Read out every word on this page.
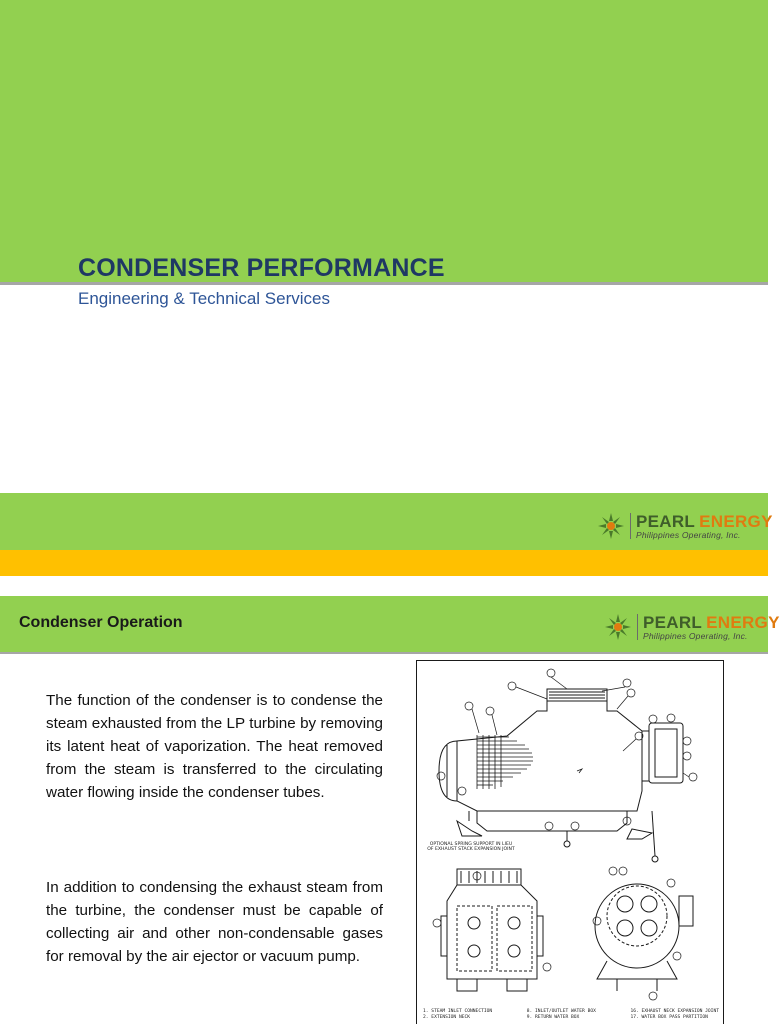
CONDENSER PERFORMANCE
Engineering & Technical Services
PEARL ENERGY
Philippines Operating, Inc.
Condenser Operation	PEARL ENERGY
Philippines Operating, Inc.

The function of the condenser is to condense the steam exhausted from the LP turbine by removing its latent heat of vaporization. The heat removed from the steam is transferred to the circulating water flowing inside the condenser tubes.

In addition to condensing the exhaust steam from the turbine, the condenser must be capable of collecting air and other non-condensable gases for removal by the air ejector or vacuum pump.

OPTIONAL SPRING SUPPORT IN LIEU OF EXHAUST STACK EXPANSION JOINT
1. STEAM INLET CONNECTION
2. EXTENSION NECK
8. INLET/OUTLET WATER BOX
9. RETURN WATER BOX
16. EXHAUST NECK EXPANSION JOINT
17. WATER BOX PASS PARTITION
